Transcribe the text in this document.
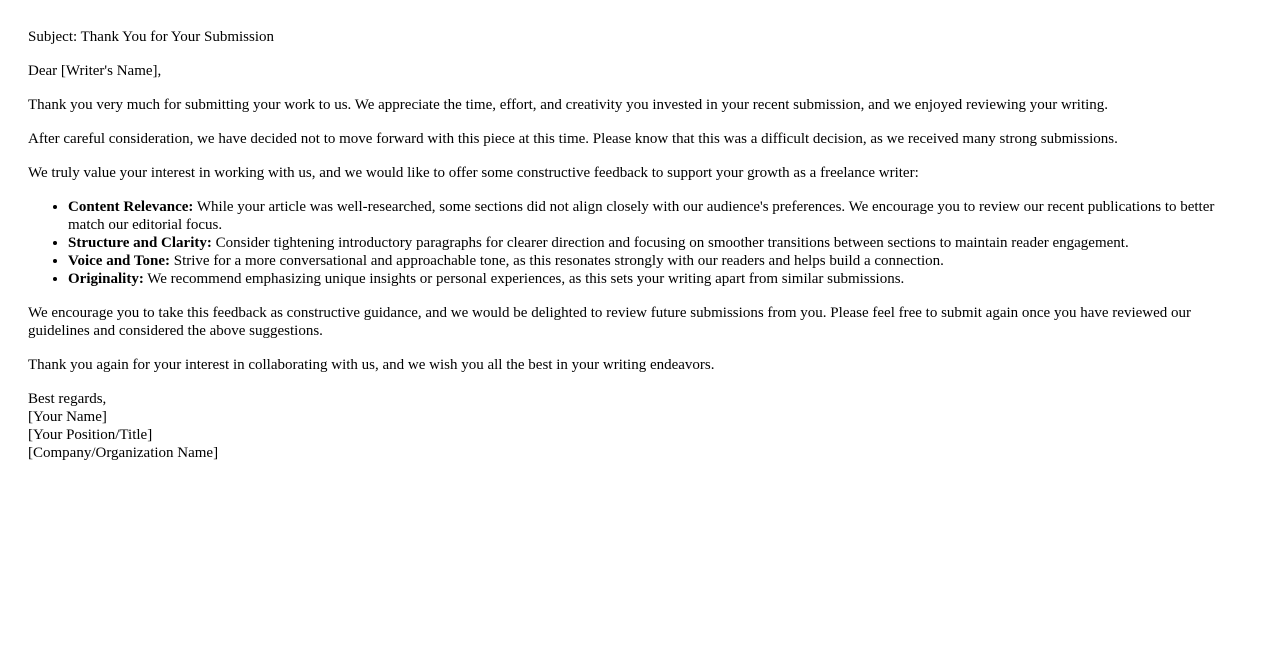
Subject: Thank You for Your Submission

Dear [Writer's Name],

Thank you very much for submitting your work to us. We appreciate the time, effort, and creativity you invested in your recent submission, and we enjoyed reviewing your writing.

After careful consideration, we have decided not to move forward with this piece at this time. Please know that this was a difficult decision, as we received many strong submissions.

We truly value your interest in working with us, and we would like to offer some constructive feedback to support your growth as a freelance writer:

• Content Relevance: While your article was well-researched, some sections did not align closely with our audience's preferences. We encourage you to review our recent publications to better match our editorial focus.
• Structure and Clarity: Consider tightening introductory paragraphs for clearer direction and focusing on smoother transitions between sections to maintain reader engagement.
• Voice and Tone: Strive for a more conversational and approachable tone, as this resonates strongly with our readers and helps build a connection.
• Originality: We recommend emphasizing unique insights or personal experiences, as this sets your writing apart from similar submissions.

We encourage you to take this feedback as constructive guidance, and we would be delighted to review future submissions from you. Please feel free to submit again once you have reviewed our guidelines and considered the above suggestions.

Thank you again for your interest in collaborating with us, and we wish you all the best in your writing endeavors.

Best regards,
[Your Name]
[Your Position/Title]
[Company/Organization Name]
